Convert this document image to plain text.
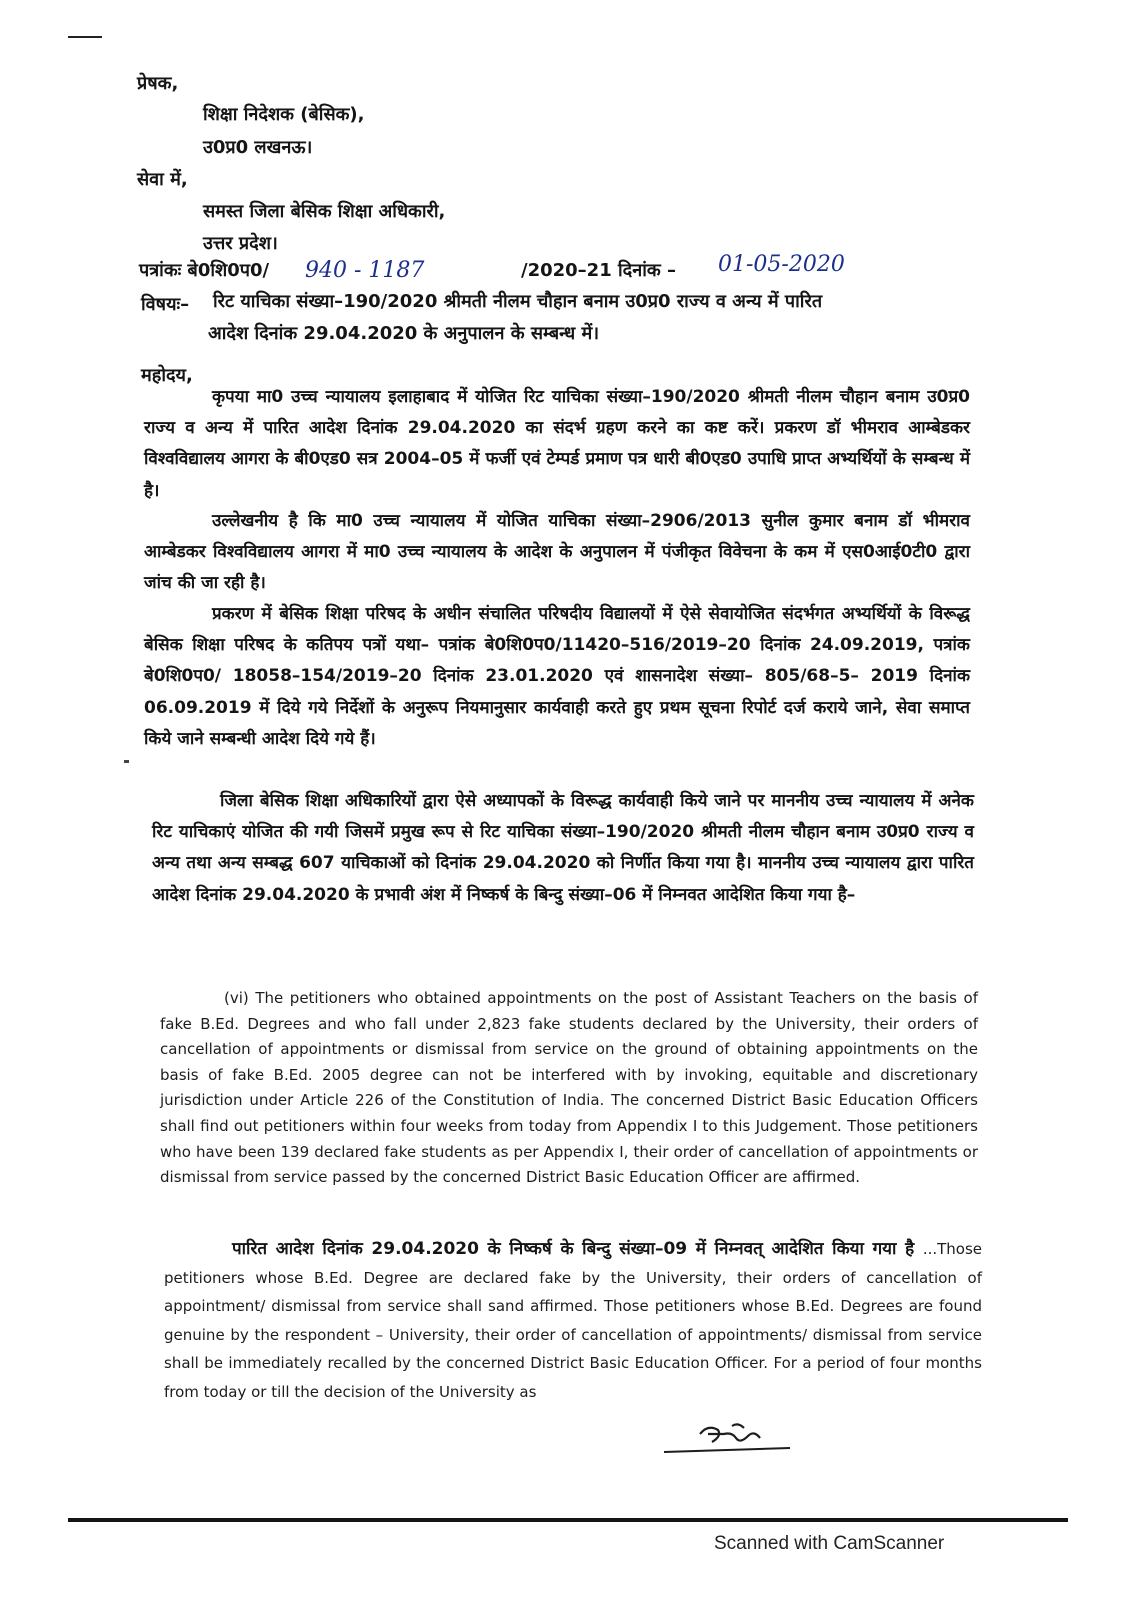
प्रेषक,
शिक्षा निदेशक (बेसिक),
उ0प्र0 लखनऊ।
सेवा में,
समस्त जिला बेसिक शिक्षा अधिकारी,
उत्तर प्रदेश।
पत्रांकः बे0शि0प0/ 940 - 1187	/2020–21 दिनांक – 01-05-2020
विषयः– रिट याचिका संख्या–190/2020 श्रीमती नीलम चौहान बनाम उ0प्र0 राज्य व अन्य में पारित
आदेश दिनांक 29.04.2020 के अनुपालन के सम्बन्ध में।
महोदय,
कृपया मा0 उच्च न्यायालय इलाहाबाद में योजित रिट याचिका संख्या–190/2020 श्रीमती नीलम चौहान बनाम उ0प्र0 राज्य व अन्य में पारित आदेश दिनांक 29.04.2020 का संदर्भ ग्रहण करने का कष्ट करें। प्रकरण डॉ भीमराव आम्बेडकर विश्वविद्यालय आगरा के बी0एड0 सत्र 2004–05 में फर्जी एवं टेम्पर्ड प्रमाण पत्र धारी बी0एड0 उपाधि प्राप्त अभ्यर्थियों के सम्बन्ध में है।
उल्लेखनीय है कि मा0 उच्च न्यायालय में योजित याचिका संख्या–2906/2013 सुनील कुमार बनाम डॉ भीमराव आम्बेडकर विश्वविद्यालय आगरा में मा0 उच्च न्यायालय के आदेश के अनुपालन में पंजीकृत विवेचना के कम में एस0आई0टी0 द्वारा जांच की जा रही है।
प्रकरण में बेसिक शिक्षा परिषद के अधीन संचालित परिषदीय विद्यालयों में ऐसे सेवायोजित संदर्भगत अभ्यर्थियों के विरूद्ध बेसिक शिक्षा परिषद के कतिपय पत्रों यथा– पत्रांक बे0शि0प0/11420–516/2019–20 दिनांक 24.09.2019, पत्रांक बे0शि0प0/ 18058–154/2019–20 दिनांक 23.01.2020 एवं शासनादेश संख्या– 805/68–5– 2019 दिनांक 06.09.2019 में दिये गये निर्देशों के अनुरूप नियमानुसार कार्यवाही करते हुए प्रथम सूचना रिपोर्ट दर्ज कराये जाने, सेवा समाप्त किये जाने सम्बन्धी आदेश दिये गये हैं।
जिला बेसिक शिक्षा अधिकारियों द्वारा ऐसे अध्यापकों के विरूद्ध कार्यवाही किये जाने पर माननीय उच्च न्यायालय में अनेक रिट याचिकाएं योजित की गयी जिसमें प्रमुख रूप से रिट याचिका संख्या–190/2020 श्रीमती नीलम चौहान बनाम उ0प्र0 राज्य व अन्य तथा अन्य सम्बद्ध 607 याचिकाओं को दिनांक 29.04.2020 को निर्णीत किया गया है। माननीय उच्च न्यायालय द्वारा पारित आदेश दिनांक 29.04.2020 के प्रभावी अंश में निष्कर्ष के बिन्दु संख्या–06 में निम्नवत आदेशित किया गया है–
(vi) The petitioners who obtained appointments on the post of Assistant Teachers on the basis of fake B.Ed. Degrees and who fall under 2,823 fake students declared by the University, their orders of cancellation of appointments or dismissal from service on the ground of obtaining appointments on the basis of fake B.Ed. 2005 degree can not be interfered with by invoking, equitable and discretionary jurisdiction under Article 226 of the Constitution of India. The concerned District Basic Education Officers shall find out petitioners within four weeks from today from Appendix I to this Judgement. Those petitioners who have been 139 declared fake students as per Appendix I, their order of cancellation of appointments or dismissal from service passed by the concerned District Basic Education Officer are affirmed.
पारित आदेश दिनांक 29.04.2020 के निष्कर्ष के बिन्दु संख्या–09 में निम्नवत् आदेशित किया गया है ...Those petitioners whose B.Ed. Degree are declared fake by the University, their orders of cancellation of appointment/ dismissal from service shall sand affirmed. Those petitioners whose B.Ed. Degrees are found genuine by the respondent – University, their order of cancellation of appointments/ dismissal from service shall be immediately recalled by the concerned District Basic Education Officer. For a period of four months from today or till the decision of the University as
Scanned with CamScanner
